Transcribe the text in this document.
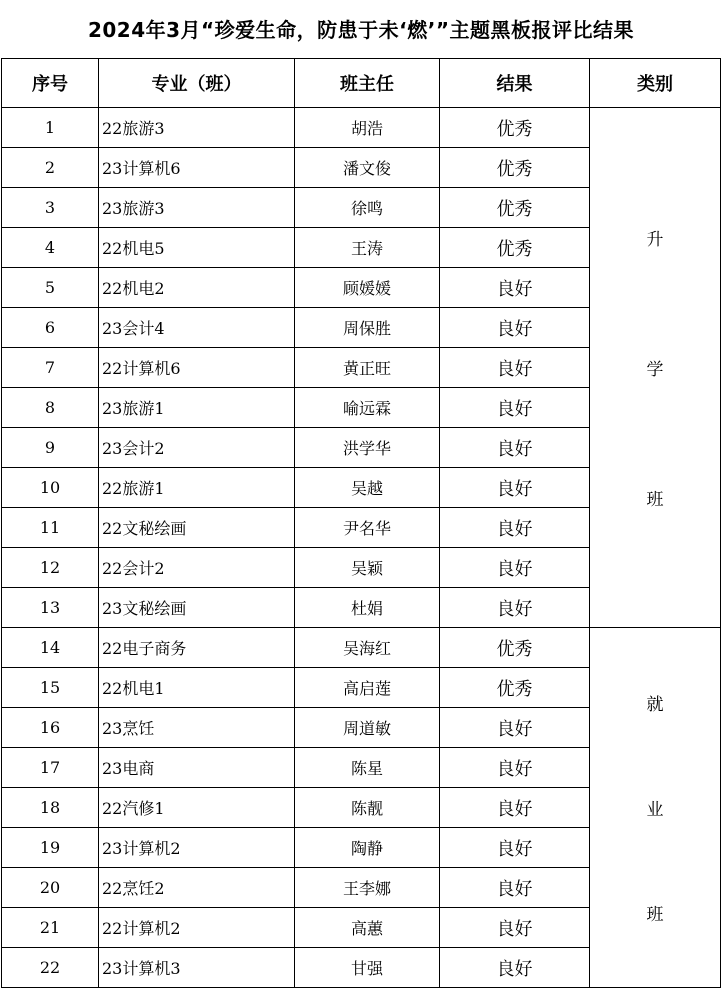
2024年3月“珍爱生命，防患于未‘燃’”主题黑板报评比结果
序号	专业（班）	班主任	结果	类别
1	22旅游3	胡浩	优秀	升
学
班

2	23计算机6	潘文俊	优秀	
3	23旅游3	徐鸣	优秀	
4	22机电5	王涛	优秀	
5	22机电2	顾媛媛	良好	
6	23会计4	周保胜	良好	
7	22计算机6	黄正旺	良好	
8	23旅游1	喻远霖	良好	
9	23会计2	洪学华	良好	
10	22旅游1	吴越	良好	
11	22文秘绘画	尹名华	良好	
12	22会计2	吴颖	良好	
13	23文秘绘画	杜娟	良好	
14	22电子商务	吴海红	优秀	就
业
班

15	22机电1	高启莲	优秀	
16	23烹饪	周道敏	良好	
17	23电商	陈星	良好	
18	22汽修1	陈靓	良好	
19	23计算机2	陶静	良好	
20	22烹饪2	王李娜	良好	
21	22计算机2	高蕙	良好	
22	23计算机3	甘强	良好	
